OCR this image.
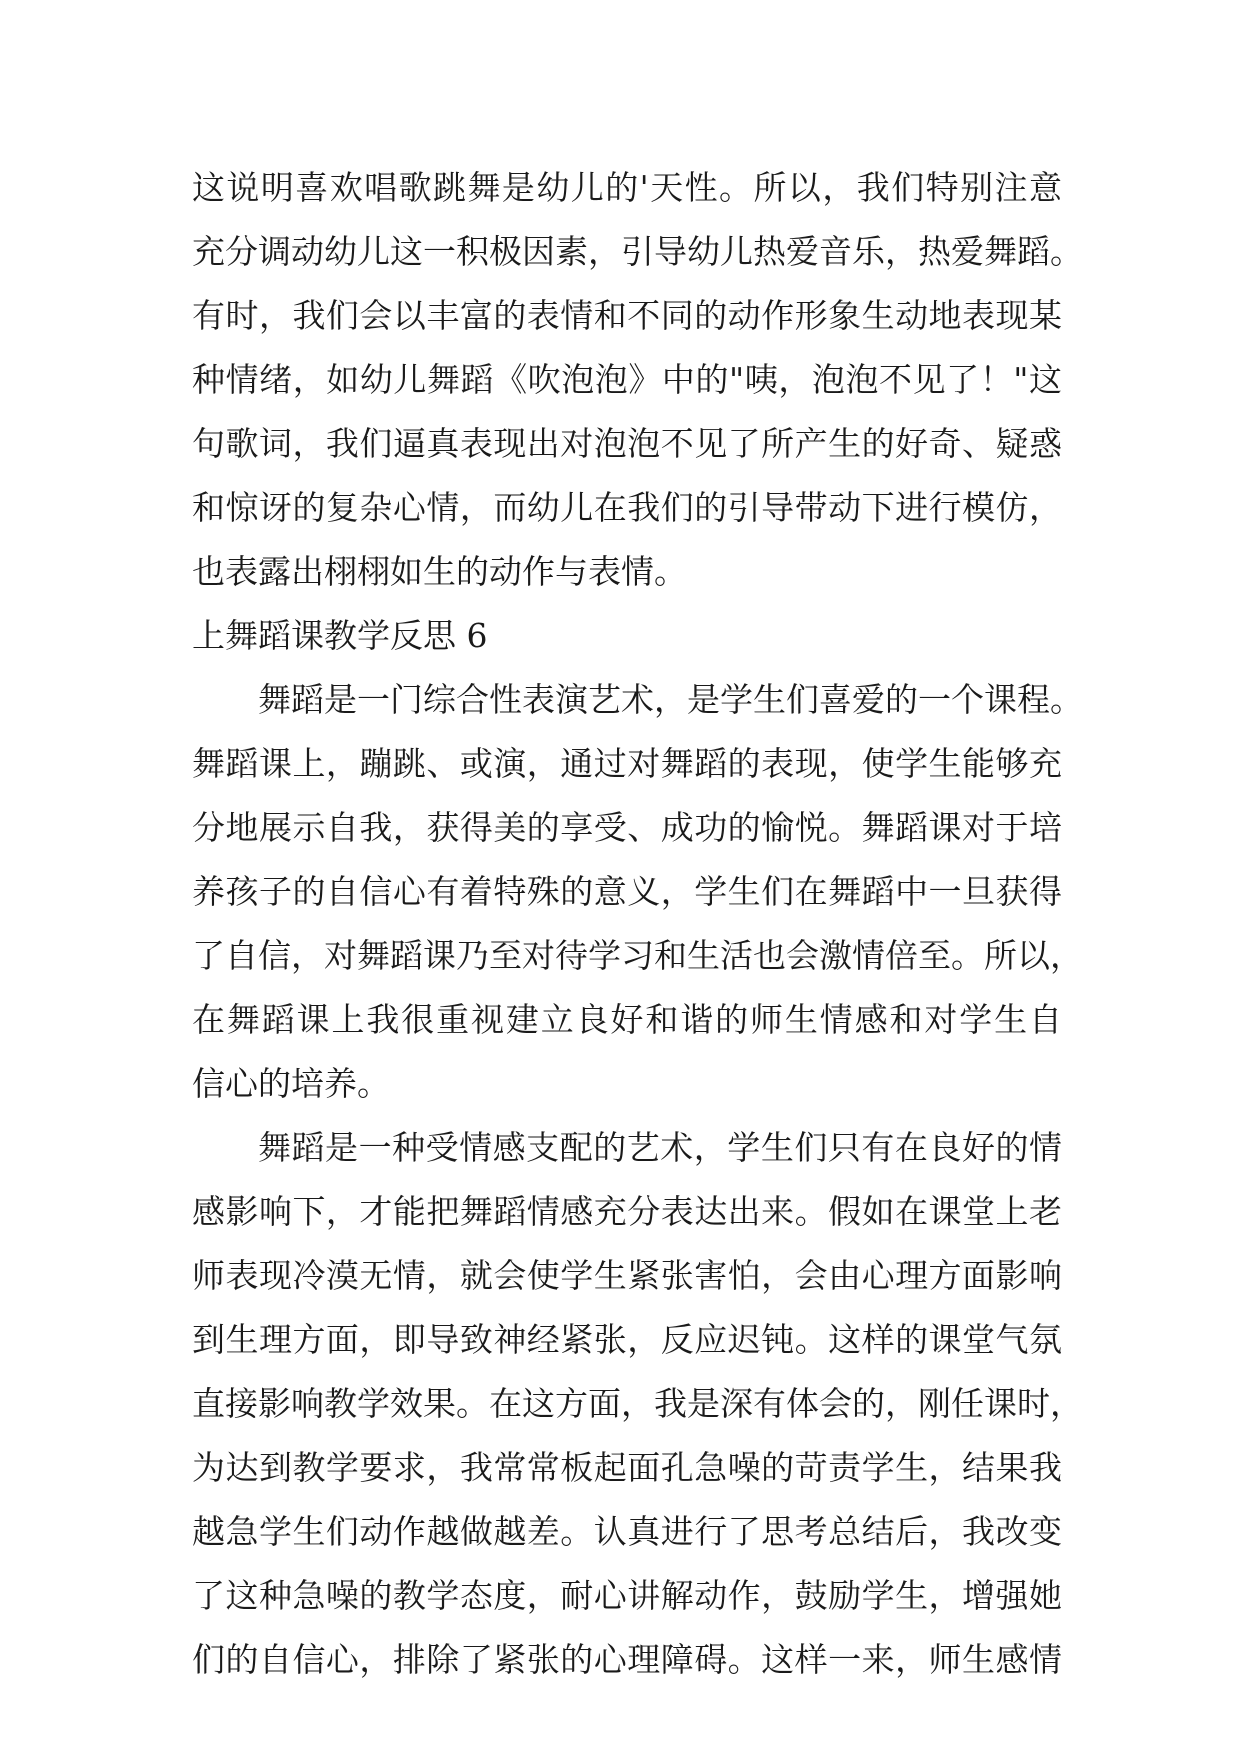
这说明喜欢唱歌跳舞是幼儿的'天性。所以，我们特别注意
充分调动幼儿这一积极因素，引导幼儿热爱音乐，热爱舞蹈。
有时，我们会以丰富的表情和不同的动作形象生动地表现某
种情绪，如幼儿舞蹈《吹泡泡》中的"咦，泡泡不见了！"这
句歌词，我们逼真表现出对泡泡不见了所产生的好奇、疑惑
和惊讶的复杂心情，而幼儿在我们的引导带动下进行模仿，
也表露出栩栩如生的动作与表情。
上舞蹈课教学反思 6
舞蹈是一门综合性表演艺术，是学生们喜爱的一个课程。
舞蹈课上，蹦跳、或演，通过对舞蹈的表现，使学生能够充
分地展示自我，获得美的享受、成功的愉悦。舞蹈课对于培
养孩子的自信心有着特殊的意义，学生们在舞蹈中一旦获得
了自信，对舞蹈课乃至对待学习和生活也会激情倍至。所以，
在舞蹈课上我很重视建立良好和谐的师生情感和对学生自
信心的培养。
舞蹈是一种受情感支配的艺术，学生们只有在良好的情
感影响下，才能把舞蹈情感充分表达出来。假如在课堂上老
师表现冷漠无情，就会使学生紧张害怕，会由心理方面影响
到生理方面，即导致神经紧张，反应迟钝。这样的课堂气氛
直接影响教学效果。在这方面，我是深有体会的，刚任课时，
为达到教学要求，我常常板起面孔急噪的苛责学生，结果我
越急学生们动作越做越差。认真进行了思考总结后，我改变
了这种急噪的教学态度，耐心讲解动作，鼓励学生，增强她
们的自信心，排除了紧张的心理障碍。这样一来，师生感情
